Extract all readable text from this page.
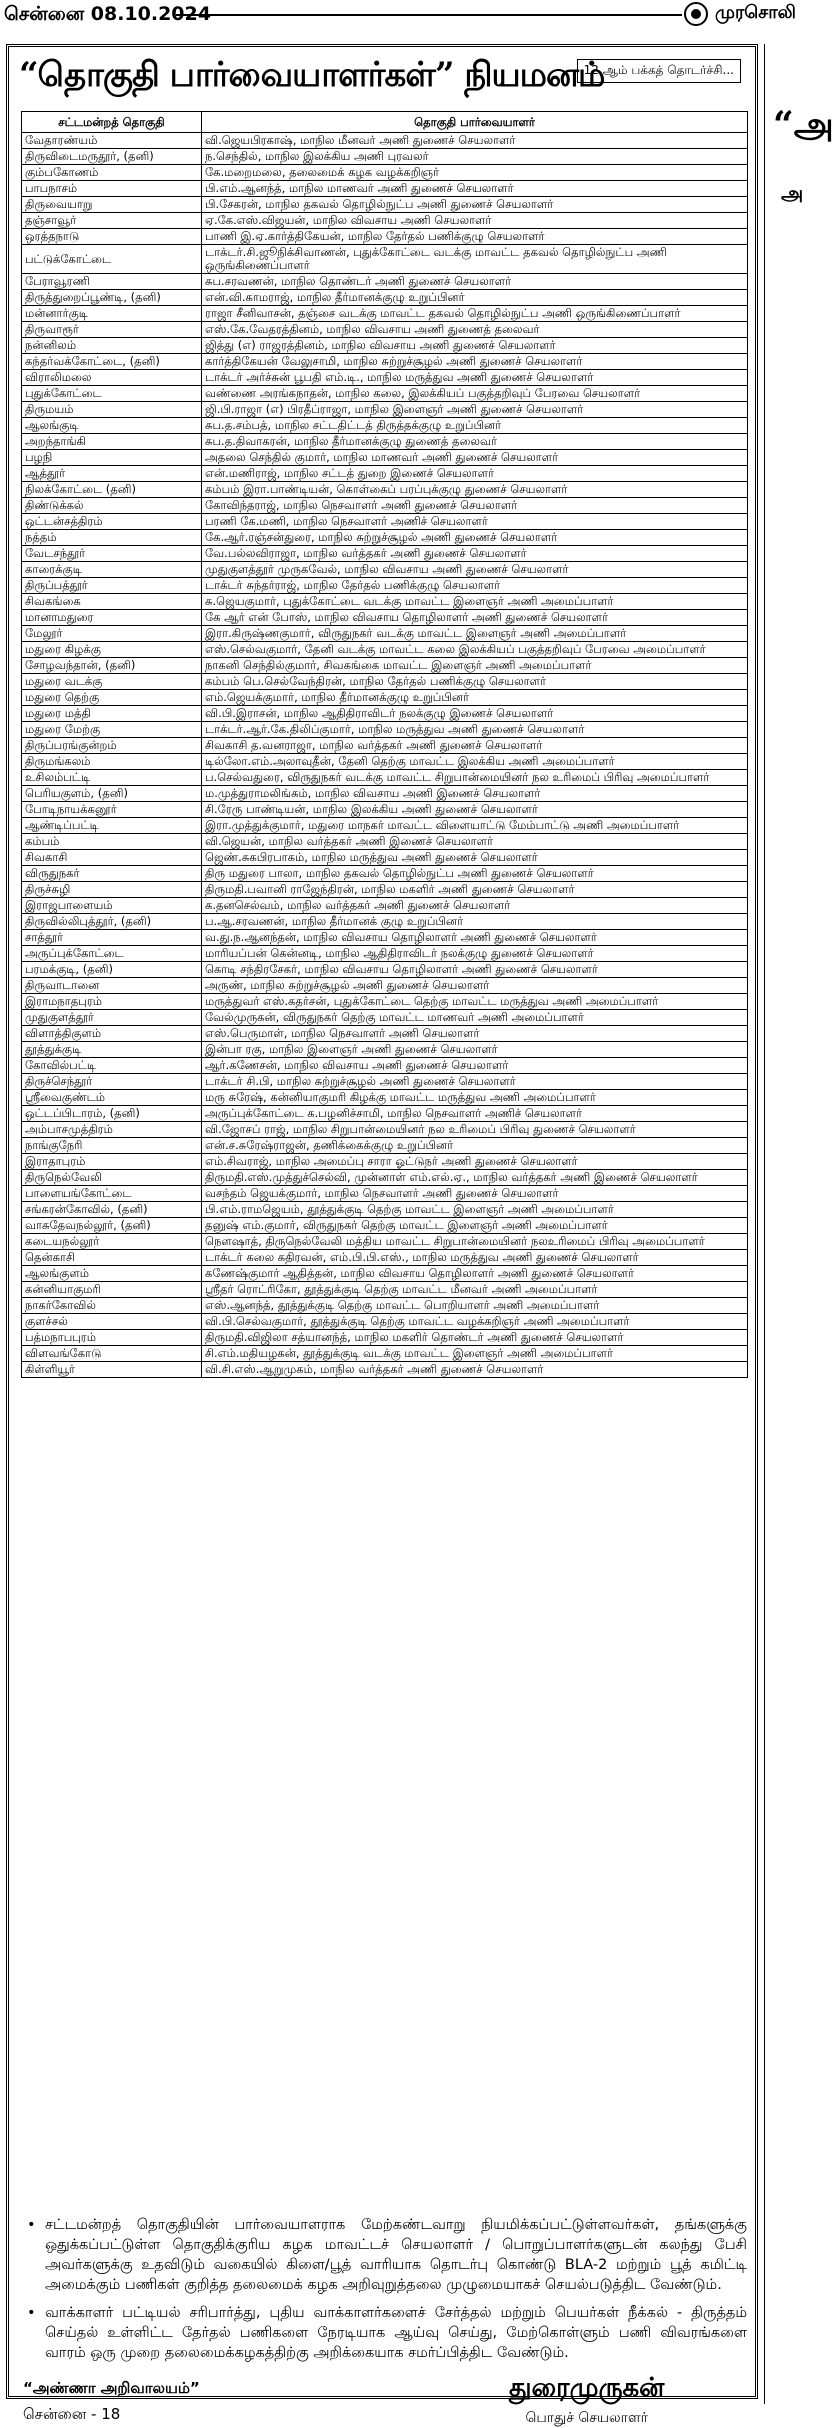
சென்னை 08.10.2024	முரசொலி
“தொகுதி பார்வையாளர்கள்” நியமனம்
12 ஆம் பக்கத் தொடர்ச்சி...
சட்டமன்றத் தொகுதி	தொகுதி பார்வையாளர்
வேதாரண்யம்	வி.ஜெயபிரகாஷ், மாநில மீனவர் அணி துணைச் செயலாளர்
திருவிடைமருதூர், (தனி)	ந.செந்தில், மாநில இலக்கிய அணி புரவலர்
கும்பகோணம்	கே.மறைமலை, தலைமைக் கழக வழக்கறிஞர்
பாபநாசம்	பி.எம்.ஆனந்த், மாநில மாணவர் அணி துணைச் செயலாளர்
திருவையாறு	பி.சேகரன், மாநில தகவல் தொழில்நுட்ப அணி துணைச் செயலாளர்
தஞ்சாவூர்	ஏ.கே.எஸ்.விஜயன், மாநில விவசாய அணி செயலாளர்
ஒரத்தநாடு	பாணி இ.ஏ.கார்த்திகேயன், மாநில தேர்தல் பணிக்குழு செயலாளர்
பட்டுக்கோட்டை	டாக்டர்.சி.ஜூநிக்சிவாணன், புதுக்கோட்டை வடக்கு மாவட்ட தகவல் தொழில்நுட்ப அணி ஒருங்கிணைப்பாளர்
பேராவூரணி	சுப.சரவணன், மாநில தொண்டர் அணி துணைச் செயலாளர்
திருத்துறைப்பூண்டி, (தனி)	என்.வி.காமராஜ், மாநில தீர்மானக்குழு உறுப்பினர்
மன்னார்குடி	ராஜா சீனிவாசன், தஞ்சை வடக்கு மாவட்ட தகவல் தொழில்நுட்ப அணி ஒருங்கிணைப்பாளர்
திருவாரூர்	எஸ்.கே.வேதரத்தினம், மாநில விவசாய அணி துணைத் தலைவர்
நன்னிலம்	ஜித்து (எ) ராஜரத்தினம், மாநில விவசாய அணி துணைச் செயலாளர்
கந்தர்வக்கோட்டை, (தனி)	கார்த்திகேயன் வேலுசாமி, மாநில சுற்றுச்சூழல் அணி துணைச் செயலாளர்
விராலிமலை	டாக்டர் அர்ச்சுன் பூபதி எம்.டி., மாநில மருத்துவ அணி துணைச் செயலாளர்
புதுக்கோட்டை	வண்ணை அரங்கநாதன், மாநில கலை, இலக்கியப் பகுத்தறிவுப் பேரவை செயலாளர்
திருமயம்	ஜி.பி.ராஜா (எ) பிரதீப்ராஜா, மாநில இளைஞர் அணி துணைச் செயலாளர்
ஆலங்குடி	சுப.த.சம்பத், மாநில சட்டதிட்டத் திருத்தக்குழு உறுப்பினர்
அறந்தாங்கி	சுப.த.திவாகரன், மாநில தீர்மானக்குழு துணைத் தலைவர்
பழநி	அதலை செந்தில் குமார், மாநில மாணவர் அணி துணைச் செயலாளர்
ஆத்தூர்	என்.மணிராஜ், மாநில சட்டத் துறை இணைச் செயலாளர்
நிலக்கோட்டை (தனி)	கம்பம் இரா.பாண்டியன், கொள்கைப் பரப்புக்குழு துணைச் செயலாளர்
திண்டுக்கல்	கோவிந்தராஜ், மாநில நெசவாளர் அணி துணைச் செயலாளர்
ஒட்டன்சத்திரம்	பரணி கே.மணி, மாநில நெசவாளர் அணிச் செயலாளர்
நத்தம்	கே.ஆர்.ரஞ்சன்துரை, மாநில சுற்றுச்சூழல் அணி துணைச் செயலாளர்
வேடசந்தூர்	வே.பல்லவிராஜா, மாநில வர்த்தகர் அணி துணைச் செயலாளர்
காரைக்குடி	முதுகுளத்தூர் முருகவேல், மாநில விவசாய அணி துணைச் செயலாளர்
திருப்பத்தூர்	டாக்டர் சுந்தர்ராஜ், மாநில தேர்தல் பணிக்குழு செயலாளர்
சிவகங்கை	சு.ஜெயகுமார், புதுக்கோட்டை வடக்கு மாவட்ட இளைஞர் அணி அமைப்பாளர்
மானாமதுரை	கே ஆர் என் போஸ், மாநில விவசாய தொழிலாளர் அணி துணைச் செயலாளர்
மேலூர்	இரா.கிருஷ்ணகுமார், விருதுநகர் வடக்கு மாவட்ட இளைஞர் அணி அமைப்பாளர்
மதுரை கிழக்கு	எஸ்.செல்வகுமார், தேனி வடக்கு மாவட்ட கலை இலக்கியப் பகுத்தறிவுப் பேரவை அமைப்பாளர்
சோழவந்தான், (தனி)	நாகனி செந்தில்குமார், சிவகங்கை மாவட்ட இளைஞர் அணி அமைப்பாளர்
மதுரை வடக்கு	கம்பம் பெ.செல்வேந்திரன், மாநில தேர்தல் பணிக்குழு செயலாளர்
மதுரை தெற்கு	எம்.ஜெயக்குமார், மாநில தீர்மானக்குழு உறுப்பினர்
மதுரை மத்தி	வி.பி.இராசன், மாநில ஆதிதிராவிடர் நலக்குழு இணைச் செயலாளர்
மதுரை மேற்கு	டாக்டர்.ஆர்.கே.திலிப்குமார், மாநில மருத்துவ அணி துணைச் செயலாளர்
திருப்பரங்குன்றம்	சிவகாசி த.வனராஜா, மாநில வர்த்தகர் அணி துணைச் செயலாளர்
திருமங்கலம்	டில்லோ.எம்.அலாவுதீன், தேனி தெற்கு மாவட்ட இலக்கிய அணி அமைப்பாளர்
உசிலம்பட்டி	ப.செல்வதுரை, விருதுநகர் வடக்கு மாவட்ட சிறுபான்மையினர் நல உரிமைப் பிரிவு அமைப்பாளர்
பெரியகுளம், (தனி)	ம.முத்துராமலிங்கம், மாநில விவசாய அணி இணைச் செயலாளர்
போடிநாயக்கனூர்	சி.ரேரு பாண்டியன், மாநில இலக்கிய அணி துணைச் செயலாளர்
ஆண்டிப்பட்டி	இரா.முத்துக்குமார், மதுரை மாநகர் மாவட்ட விளையாட்டு மேம்பாட்டு அணி அமைப்பாளர்
கம்பம்	வி.ஜெயன், மாநில வர்த்தகர் அணி இணைச் செயலாளர்
சிவகாசி	ஜெண்.சுகபிரபாகம், மாநில மருத்துவ அணி துணைச் செயலாளர்
விருதுநகர்	திரு மதுரை பாலா, மாநில தகவல் தொழில்நுட்ப அணி துணைச் செயலாளர்
திருச்சுழி	திருமதி.பவானி ராஜேந்திரன், மாநில மகளிர் அணி துணைச் செயலாளர்
இராஜபாளையம்	க.தனசெல்வம், மாநில வர்த்தகர் அணி துணைச் செயலாளர்
திருவில்லிபுத்தூர், (தனி)	ப.ஆ.சரவணன், மாநில தீர்மானக் குழு உறுப்பினர்
சாத்தூர்	வ.து.ந.ஆனந்தன், மாநில விவசாய தொழிலாளர் அணி துணைச் செயலாளர்
அருப்புக்கோட்டை	மாரியப்பன் கென்னடி, மாநில ஆதிதிராவிடர் நலக்குழு துணைச் செயலாளர்
பரமக்குடி, (தனி)	கொடி சந்திரசேகர், மாநில விவசாய தொழிலாளர் அணி துணைச் செயலாளர்
திருவாடானை	அருண், மாநில சுற்றுச்சூழல் அணி துணைச் செயலாளர்
இராமநாதபுரம்	மருத்துவர் எஸ்.கதர்சன், புதுக்கோட்டை தெற்கு மாவட்ட மருத்துவ அணி அமைப்பாளர்
முதுகுளத்தூர்	வேல்முருகன், விருதுநகர் தெற்கு மாவட்ட மாணவர் அணி அமைப்பாளர்
விளாத்திகுளம்	எஸ்.பெருமாள், மாநில நெசவாளர் அணி செயலாளர்
தூத்துக்குடி	இன்பா ரகு, மாநில இளைஞர் அணி துணைச் செயலாளர்
கோவில்பட்டி	ஆர்.கணேசன், மாநில விவசாய அணி துணைச் செயலாளர்
திருச்செந்தூர்	டாக்டர் சி.பி, மாநில சுற்றுச்சூழல் அணி துணைச் செயலாளர்
ஸ்ரீவைகுண்டம்	மரு சுரேஷ், கன்னியாகுமரி கிழக்கு மாவட்ட மருத்துவ அணி அமைப்பாளர்
ஒட்டப்பிடாரம், (தனி)	அருப்புக்கோட்டை க.பழனிச்சாமி, மாநில நெசவாளர் அணிச் செயலாளர்
அம்பாசமுத்திரம்	வி.ஜோசப் ராஜ், மாநில சிறுபான்மையினர் நல உரிமைப் பிரிவு துணைச் செயலாளர்
நாங்குநேரி	என்.ச.சுரேஷ்ராஜன், தணிக்கைக்குழு உறுப்பினர்
இராதாபுரம்	எம்.சிவராஜ், மாநில அமைப்பு சாரா ஓட்டுநர் அணி துணைச் செயலாளர்
திருநெல்வேலி	திருமதி.எஸ்.முத்துச்செல்வி, முன்னாள் எம்.எல்.ஏ., மாநில வர்த்தகர் அணி இணைச் செயலாளர்
பாளையங்கோட்டை	வசந்தம் ஜெயக்குமார், மாநில நெசவாளர் அணி துணைச் செயலாளர்
சங்கரன்கோவில், (தனி)	பி.எம்.ராமஜெயம், தூத்துக்குடி தெற்கு மாவட்ட இளைஞர் அணி அமைப்பாளர்
வாசுதேவநல்லூர், (தனி)	தனுஷ் எம்.குமார், விருதுநகர் தெற்கு மாவட்ட இளைஞர் அணி அமைப்பாளர்
கடையநல்லூர்	நௌஷாத், திருநெல்வேலி மத்திய மாவட்ட சிறுபான்மையினர் நலஉரிமைப் பிரிவு அமைப்பாளர்
தென்காசி	டாக்டர் கலை கதிரவன், எம்.பி.பி.எஸ்., மாநில மருத்துவ அணி துணைச் செயலாளர்
ஆலங்குளம்	கணேஷ்குமார் ஆதித்தன், மாநில விவசாய தொழிலாளர் அணி துணைச் செயலாளர்
கன்னியாகுமரி	ஸ்ரீதர் ரொட்ரிகோ, தூத்துக்குடி தெற்கு மாவட்ட மீனவர் அணி அமைப்பாளர்
நாகர்கோவில்	எஸ்.ஆனந்த், தூத்துக்குடி தெற்கு மாவட்ட பொறியாளர் அணி அமைப்பாளர்
குளச்சல்	வி.பி.செல்வகுமார், தூத்துக்குடி தெற்கு மாவட்ட வழக்கறிஞர் அணி அமைப்பாளர்
பத்மநாபபுரம்	திருமதி.விஜிலா சத்யானந்த், மாநில மகளிர் தொண்டர் அணி துணைச் செயலாளர்
விளவங்கோடு	சி.எம்.மதியழகன், தூத்துக்குடி வடக்கு மாவட்ட இளைஞர் அணி அமைப்பாளர்
கிள்ளியூர்	வி.சி.எஸ்.ஆறுமுகம், மாநில வர்த்தகர் அணி துணைச் செயலாளர்

• சட்டமன்றத் தொகுதியின் பார்வையாளராக மேற்கண்டவாறு நியமிக்கப்பட்டுள்ளவர்கள், தங்களுக்கு ஒதுக்கப்பட்டுள்ள தொகுதிக்குரிய கழக மாவட்டச் செயலாளர் / பொறுப்பாளர்களுடன் கலந்து பேசி அவர்களுக்கு உதவிடும் வகையில் கிளை/பூத் வாரியாக தொடர்பு கொண்டு BLA-2 மற்றும் பூத் கமிட்டி அமைக்கும் பணிகள் குறித்த தலைமைக் கழக அறிவுறுத்தலை முழுமையாகச் செயல்படுத்திட வேண்டும்.

• வாக்காளர் பட்டியல் சரிபார்த்து, புதிய வாக்காளர்களைச் சேர்த்தல் மற்றும் பெயர்கள் நீக்கல் - திருத்தம் செய்தல் உள்ளிட்ட தேர்தல் பணிகளை நேரடியாக ஆய்வு செய்து, மேற்கொள்ளும் பணி விவரங்களை வாரம் ஒரு முறை தலைமைக்கழகத்திற்கு அறிக்கையாக சமர்ப்பித்திட வேண்டும்.

“அண்ணா அறிவாலயம்”
சென்னை - 18
துரைமுருகன்
பொதுச் செயலாளர்
“அ
அ
